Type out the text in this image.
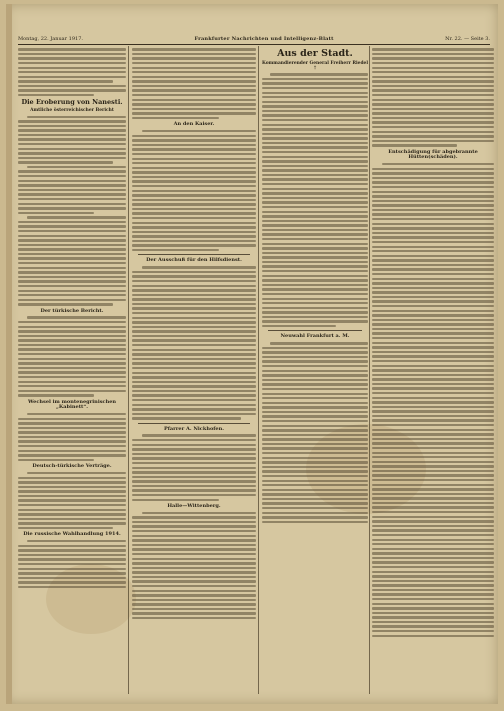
Montag, 22. Januar 1917.	Frankfurter Nachrichten und Intelligenz-Blatt	Nr. 22. — Seite 3.
Die Eroberung von Nanesti.
Amtliche österreichischer Bericht
Der türkische Bericht.
Wechsel im montenegrinischen „Kabinett“.
Deutsch-türkische Verträge.
Die russische Wahlhandlung 1914.
An den Kaiser.
Der Ausschuß für den Hilfsdienst.
Pfarrer A. Nickhofen.
Halle—Wittenberg.
Aus der Stadt.
Kommandierender General Freiherr Riedel †
Neuwahl Frankfurt a. M.
Entschädigung für abgebrannte Hütten(schäden).
